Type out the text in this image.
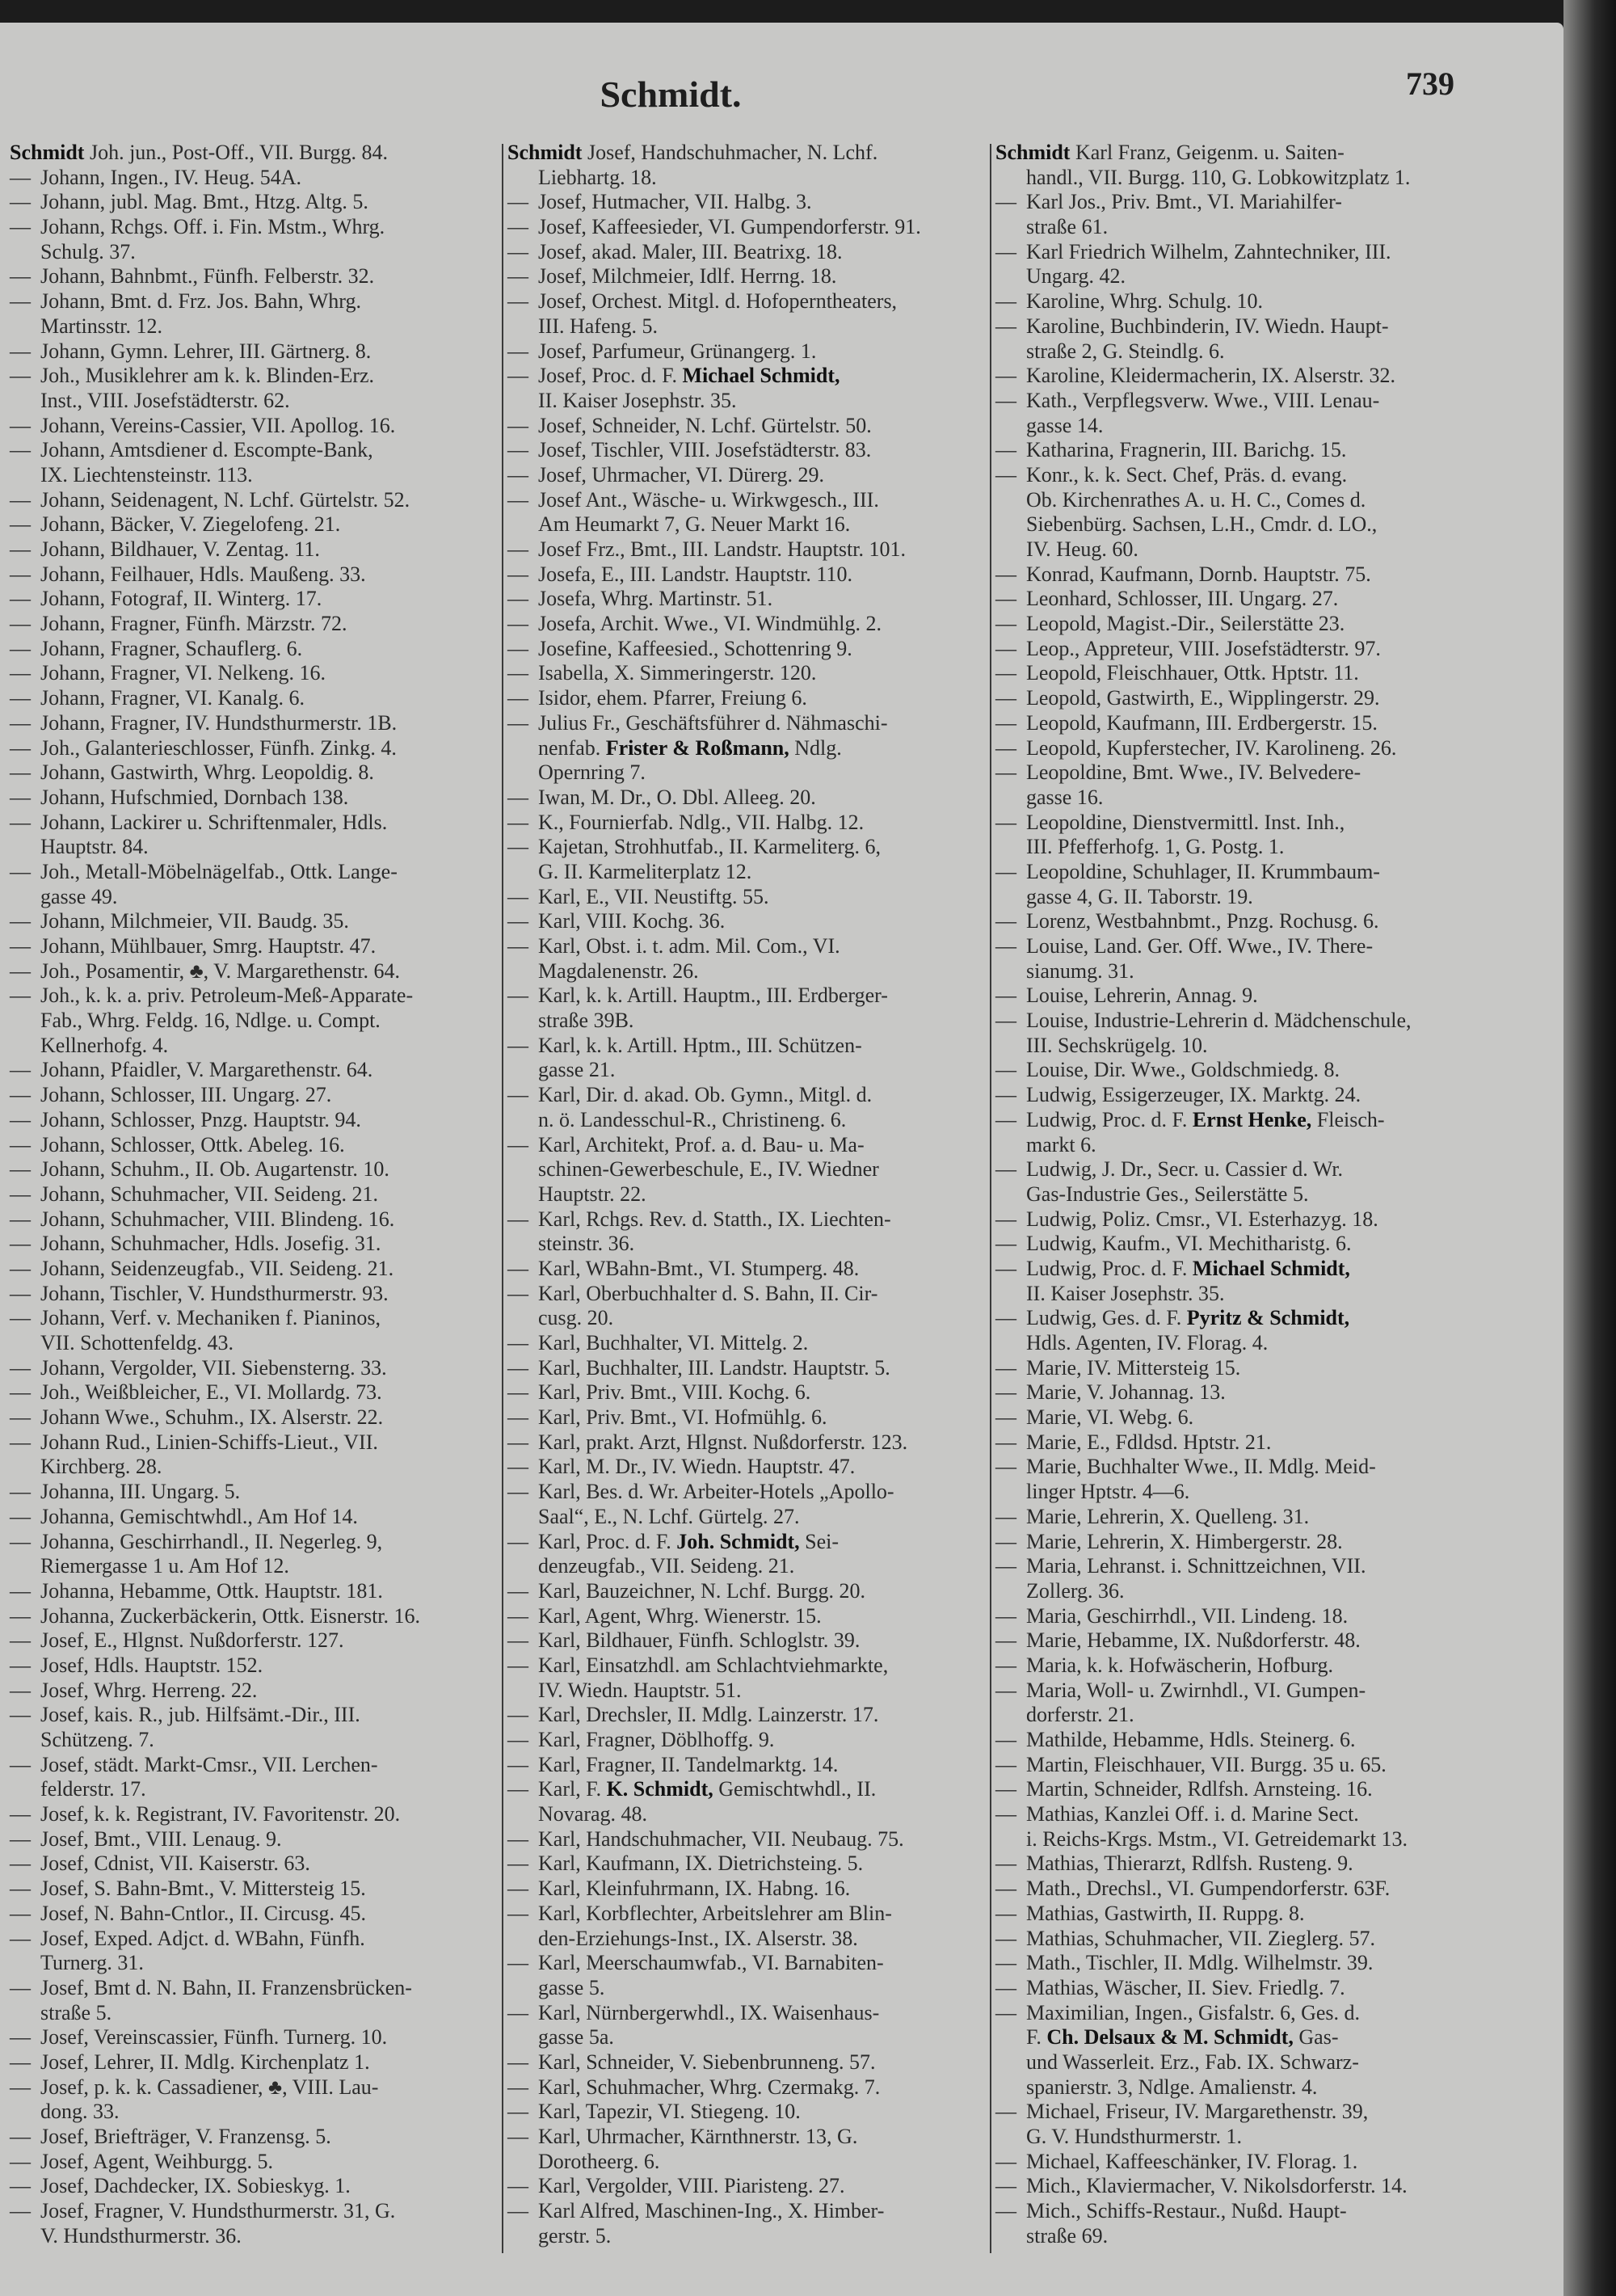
Schmidt.	739
Schmidt Joh. jun., Post-Off., VII. Burgg. 84.
— Johann, Ingen., IV. Heug. 54A.
— Johann, jubl. Mag. Bmt., Htzg. Altg. 5.
— Johann, Rchgs. Off. i. Fin. Mstm., Whrg.
Schulg. 37.
— Johann, Bahnbmt., Fünfh. Felberstr. 32.
— Johann, Bmt. d. Frz. Jos. Bahn, Whrg.
Martinsstr. 12.
— Johann, Gymn. Lehrer, III. Gärtnerg. 8.
— Joh., Musiklehrer am k. k. Blinden-Erz.
Inst., VIII. Josefstädterstr. 62.
— Johann, Vereins-Cassier, VII. Apollog. 16.
— Johann, Amtsdiener d. Escompte-Bank,
IX. Liechtensteinstr. 113.
— Johann, Seidenagent, N. Lchf. Gürtelstr. 52.
— Johann, Bäcker, V. Ziegelofeng. 21.
— Johann, Bildhauer, V. Zentag. 11.
— Johann, Feilhauer, Hdls. Maußeng. 33.
— Johann, Fotograf, II. Winterg. 17.
— Johann, Fragner, Fünfh. Märzstr. 72.
— Johann, Fragner, Schauflerg. 6.
— Johann, Fragner, VI. Nelkeng. 16.
— Johann, Fragner, VI. Kanalg. 6.
— Johann, Fragner, IV. Hundsthurmerstr. 1B.
— Joh., Galanterieschlosser, Fünfh. Zinkg. 4.
— Johann, Gastwirth, Whrg. Leopoldig. 8.
— Johann, Hufschmied, Dornbach 138.
— Johann, Lackirer u. Schriftenmaler, Hdls.
Hauptstr. 84.
— Joh., Metall-Möbelnägelfab., Ottk. Lange-
gasse 49.
— Johann, Milchmeier, VII. Baudg. 35.
— Johann, Mühlbauer, Smrg. Hauptstr. 47.
— Joh., Posamentir, ♣, V. Margarethenstr. 64.
— Joh., k. k. a. priv. Petroleum-Meß-Apparate-
Fab., Whrg. Feldg. 16, Ndlge. u. Compt.
Kellnerhofg. 4.
— Johann, Pfaidler, V. Margarethenstr. 64.
— Johann, Schlosser, III. Ungarg. 27.
— Johann, Schlosser, Pnzg. Hauptstr. 94.
— Johann, Schlosser, Ottk. Abeleg. 16.
— Johann, Schuhm., II. Ob. Augartenstr. 10.
— Johann, Schuhmacher, VII. Seideng. 21.
— Johann, Schuhmacher, VIII. Blindeng. 16.
— Johann, Schuhmacher, Hdls. Josefig. 31.
— Johann, Seidenzeugfab., VII. Seideng. 21.
— Johann, Tischler, V. Hundsthurmerstr. 93.
— Johann, Verf. v. Mechaniken f. Pianinos,
VII. Schottenfeldg. 43.
— Johann, Vergolder, VII. Siebensterng. 33.
— Joh., Weißbleicher, E., VI. Mollardg. 73.
— Johann Wwe., Schuhm., IX. Alserstr. 22.
— Johann Rud., Linien-Schiffs-Lieut., VII.
Kirchberg. 28.
— Johanna, III. Ungarg. 5.
— Johanna, Gemischtwhdl., Am Hof 14.
— Johanna, Geschirrhandl., II. Negerleg. 9,
Riemergasse 1 u. Am Hof 12.
— Johanna, Hebamme, Ottk. Hauptstr. 181.
— Johanna, Zuckerbäckerin, Ottk. Eisnerstr. 16.
— Josef, E., Hlgnst. Nußdorferstr. 127.
— Josef, Hdls. Hauptstr. 152.
— Josef, Whrg. Herreng. 22.
— Josef, kais. R., jub. Hilfsämt.-Dir., III.
Schützeng. 7.
— Josef, städt. Markt-Cmsr., VII. Lerchen-
felderstr. 17.
— Josef, k. k. Registrant, IV. Favoritenstr. 20.
— Josef, Bmt., VIII. Lenaug. 9.
— Josef, Cdnist, VII. Kaiserstr. 63.
— Josef, S. Bahn-Bmt., V. Mittersteig 15.
— Josef, N. Bahn-Cntlor., II. Circusg. 45.
— Josef, Exped. Adjct. d. WBahn, Fünfh.
Turnerg. 31.
— Josef, Bmt d. N. Bahn, II. Franzensbrücken-
straße 5.
— Josef, Vereinscassier, Fünfh. Turnerg. 10.
— Josef, Lehrer, II. Mdlg. Kirchenplatz 1.
— Josef, p. k. k. Cassadiener, ♣, VIII. Lau-
dong. 33.
— Josef, Briefträger, V. Franzensg. 5.
— Josef, Agent, Weihburgg. 5.
— Josef, Dachdecker, IX. Sobieskyg. 1.
— Josef, Fragner, V. Hundsthurmerstr. 31, G.
V. Hundsthurmerstr. 36.
Schmidt Josef, Handschuhmacher, N. Lchf.
Liebhartg. 18.
— Josef, Hutmacher, VII. Halbg. 3.
— Josef, Kaffeesieder, VI. Gumpendorferstr. 91.
— Josef, akad. Maler, III. Beatrixg. 18.
— Josef, Milchmeier, Idlf. Herrng. 18.
— Josef, Orchest. Mitgl. d. Hofoperntheaters,
III. Hafeng. 5.
— Josef, Parfumeur, Grünangerg. 1.
— Josef, Proc. d. F. Michael Schmidt,
II. Kaiser Josephstr. 35.
— Josef, Schneider, N. Lchf. Gürtelstr. 50.
— Josef, Tischler, VIII. Josefstädterstr. 83.
— Josef, Uhrmacher, VI. Dürerg. 29.
— Josef Ant., Wäsche- u. Wirkwgesch., III.
Am Heumarkt 7, G. Neuer Markt 16.
— Josef Frz., Bmt., III. Landstr. Hauptstr. 101.
— Josefa, E., III. Landstr. Hauptstr. 110.
— Josefa, Whrg. Martinstr. 51.
— Josefa, Archit. Wwe., VI. Windmühlg. 2.
— Josefine, Kaffeesied., Schottenring 9.
— Isabella, X. Simmeringerstr. 120.
— Isidor, ehem. Pfarrer, Freiung 6.
— Julius Fr., Geschäftsführer d. Nähmaschi-
nenfab. Frister & Roßmann, Ndlg.
Opernring 7.
— Iwan, M. Dr., O. Dbl. Alleeg. 20.
— K., Fournierfab. Ndlg., VII. Halbg. 12.
— Kajetan, Strohhutfab., II. Karmeliterg. 6,
G. II. Karmeliterplatz 12.
— Karl, E., VII. Neustiftg. 55.
— Karl, VIII. Kochg. 36.
— Karl, Obst. i. t. adm. Mil. Com., VI.
Magdalenenstr. 26.
— Karl, k. k. Artill. Hauptm., III. Erdberger-
straße 39B.
— Karl, k. k. Artill. Hptm., III. Schützen-
gasse 21.
— Karl, Dir. d. akad. Ob. Gymn., Mitgl. d.
n. ö. Landesschul-R., Christineng. 6.
— Karl, Architekt, Prof. a. d. Bau- u. Ma-
schinen-Gewerbeschule, E., IV. Wiedner
Hauptstr. 22.
— Karl, Rchgs. Rev. d. Statth., IX. Liechten-
steinstr. 36.
— Karl, WBahn-Bmt., VI. Stumperg. 48.
— Karl, Oberbuchhalter d. S. Bahn, II. Cir-
cusg. 20.
— Karl, Buchhalter, VI. Mittelg. 2.
— Karl, Buchhalter, III. Landstr. Hauptstr. 5.
— Karl, Priv. Bmt., VIII. Kochg. 6.
— Karl, Priv. Bmt., VI. Hofmühlg. 6.
— Karl, prakt. Arzt, Hlgnst. Nußdorferstr. 123.
— Karl, M. Dr., IV. Wiedn. Hauptstr. 47.
— Karl, Bes. d. Wr. Arbeiter-Hotels „Apollo-
Saal“, E., N. Lchf. Gürtelg. 27.
— Karl, Proc. d. F. Joh. Schmidt, Sei-
denzeugfab., VII. Seideng. 21.
— Karl, Bauzeichner, N. Lchf. Burgg. 20.
— Karl, Agent, Whrg. Wienerstr. 15.
— Karl, Bildhauer, Fünfh. Schloglstr. 39.
— Karl, Einsatzhdl. am Schlachtviehmarkte,
IV. Wiedn. Hauptstr. 51.
— Karl, Drechsler, II. Mdlg. Lainzerstr. 17.
— Karl, Fragner, Döblhoffg. 9.
— Karl, Fragner, II. Tandelmarktg. 14.
— Karl, F. K. Schmidt, Gemischtwhdl., II.
Novarag. 48.
— Karl, Handschuhmacher, VII. Neubaug. 75.
— Karl, Kaufmann, IX. Dietrichsteing. 5.
— Karl, Kleinfuhrmann, IX. Habng. 16.
— Karl, Korbflechter, Arbeitslehrer am Blin-
den-Erziehungs-Inst., IX. Alserstr. 38.
— Karl, Meerschaumwfab., VI. Barnabiten-
gasse 5.
— Karl, Nürnbergerwhdl., IX. Waisenhaus-
gasse 5a.
— Karl, Schneider, V. Siebenbrunneng. 57.
— Karl, Schuhmacher, Whrg. Czermakg. 7.
— Karl, Tapezir, VI. Stiegeng. 10.
— Karl, Uhrmacher, Kärnthnerstr. 13, G.
Dorotheerg. 6.
— Karl, Vergolder, VIII. Piaristeng. 27.
— Karl Alfred, Maschinen-Ing., X. Himber-
gerstr. 5.
Schmidt Karl Franz, Geigenm. u. Saiten-
handl., VII. Burgg. 110, G. Lobkowitzplatz 1.
— Karl Jos., Priv. Bmt., VI. Mariahilfer-
straße 61.
— Karl Friedrich Wilhelm, Zahntechniker, III.
Ungarg. 42.
— Karoline, Whrg. Schulg. 10.
— Karoline, Buchbinderin, IV. Wiedn. Haupt-
straße 2, G. Steindlg. 6.
— Karoline, Kleidermacherin, IX. Alserstr. 32.
— Kath., Verpflegsverw. Wwe., VIII. Lenau-
gasse 14.
— Katharina, Fragnerin, III. Barichg. 15.
— Konr., k. k. Sect. Chef, Präs. d. evang.
Ob. Kirchenrathes A. u. H. C., Comes d.
Siebenbürg. Sachsen, L.H., Cmdr. d. LO.,
IV. Heug. 60.
— Konrad, Kaufmann, Dornb. Hauptstr. 75.
— Leonhard, Schlosser, III. Ungarg. 27.
— Leopold, Magist.-Dir., Seilerstätte 23.
— Leop., Appreteur, VIII. Josefstädterstr. 97.
— Leopold, Fleischhauer, Ottk. Hptstr. 11.
— Leopold, Gastwirth, E., Wipplingerstr. 29.
— Leopold, Kaufmann, III. Erdbergerstr. 15.
— Leopold, Kupferstecher, IV. Karolineng. 26.
— Leopoldine, Bmt. Wwe., IV. Belvedere-
gasse 16.
— Leopoldine, Dienstvermittl. Inst. Inh.,
III. Pfefferhofg. 1, G. Postg. 1.
— Leopoldine, Schuhlager, II. Krummbaum-
gasse 4, G. II. Taborstr. 19.
— Lorenz, Westbahnbmt., Pnzg. Rochusg. 6.
— Louise, Land. Ger. Off. Wwe., IV. There-
sianumg. 31.
— Louise, Lehrerin, Annag. 9.
— Louise, Industrie-Lehrerin d. Mädchenschule,
III. Sechskrügelg. 10.
— Louise, Dir. Wwe., Goldschmiedg. 8.
— Ludwig, Essigerzeuger, IX. Marktg. 24.
— Ludwig, Proc. d. F. Ernst Henke, Fleisch-
markt 6.
— Ludwig, J. Dr., Secr. u. Cassier d. Wr.
Gas-Industrie Ges., Seilerstätte 5.
— Ludwig, Poliz. Cmsr., VI. Esterhazyg. 18.
— Ludwig, Kaufm., VI. Mechitharistg. 6.
— Ludwig, Proc. d. F. Michael Schmidt,
II. Kaiser Josephstr. 35.
— Ludwig, Ges. d. F. Pyritz & Schmidt,
Hdls. Agenten, IV. Florag. 4.
— Marie, IV. Mittersteig 15.
— Marie, V. Johannag. 13.
— Marie, VI. Webg. 6.
— Marie, E., Fdldsd. Hptstr. 21.
— Marie, Buchhalter Wwe., II. Mdlg. Meid-
linger Hptstr. 4—6.
— Marie, Lehrerin, X. Quelleng. 31.
— Marie, Lehrerin, X. Himbergerstr. 28.
— Maria, Lehranst. i. Schnittzeichnen, VII.
Zollerg. 36.
— Maria, Geschirrhdl., VII. Lindeng. 18.
— Marie, Hebamme, IX. Nußdorferstr. 48.
— Maria, k. k. Hofwäscherin, Hofburg.
— Maria, Woll- u. Zwirnhdl., VI. Gumpen-
dorferstr. 21.
— Mathilde, Hebamme, Hdls. Steinerg. 6.
— Martin, Fleischhauer, VII. Burgg. 35 u. 65.
— Martin, Schneider, Rdlfsh. Arnsteing. 16.
— Mathias, Kanzlei Off. i. d. Marine Sect.
i. Reichs-Krgs. Mstm., VI. Getreidemarkt 13.
— Mathias, Thierarzt, Rdlfsh. Rusteng. 9.
— Math., Drechsl., VI. Gumpendorferstr. 63F.
— Mathias, Gastwirth, II. Ruppg. 8.
— Mathias, Schuhmacher, VII. Zieglerg. 57.
— Math., Tischler, II. Mdlg. Wilhelmstr. 39.
— Mathias, Wäscher, II. Siev. Friedlg. 7.
— Maximilian, Ingen., Gisfalstr. 6, Ges. d.
F. Ch. Delsaux & M. Schmidt, Gas-
und Wasserleit. Erz., Fab. IX. Schwarz-
spanierstr. 3, Ndlge. Amalienstr. 4.
— Michael, Friseur, IV. Margarethenstr. 39,
G. V. Hundsthurmerstr. 1.
— Michael, Kaffeeschänker, IV. Florag. 1.
— Mich., Klaviermacher, V. Nikolsdorferstr. 14.
— Mich., Schiffs-Restaur., Nußd. Haupt-
straße 69.
